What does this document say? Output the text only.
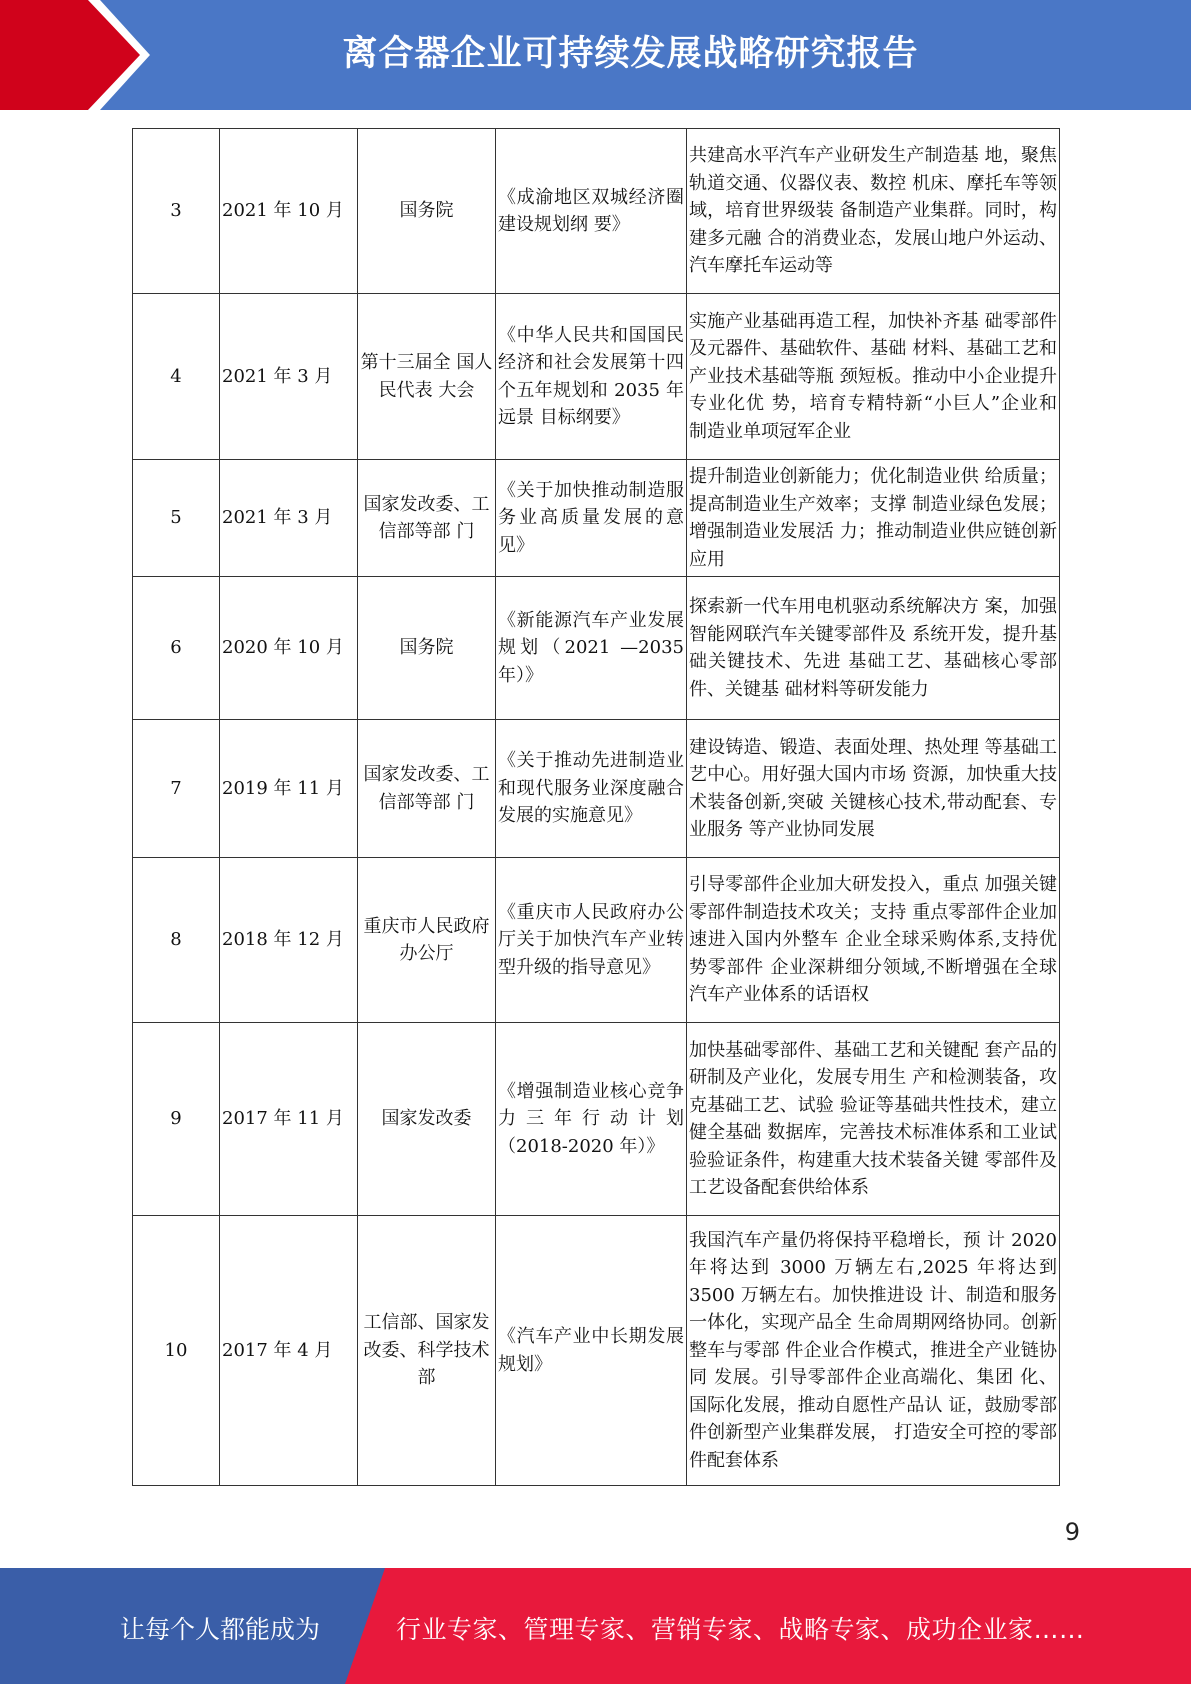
离合器企业可持续发展战略研究报告
3	2021 年 10 月	国务院	《成渝地区双城经济圈建设规划纲 要》	共建高水平汽车产业研发生产制造基 地，聚焦轨道交通、仪器仪表、数控 机床、摩托车等领域，培育世界级装 备制造产业集群。同时，构建多元融 合的消费业态，发展山地户外运动、 汽车摩托车运动等
4	2021 年 3 月	第十三届全 国人民代表 大会	《中华人民共和国国民经济和社会发展第十四个五年规划和 2035 年远景 目标纲要》	实施产业基础再造工程，加快补齐基 础零部件及元器件、基础软件、基础 材料、基础工艺和产业技术基础等瓶 颈短板。推动中小企业提升专业化优 势，培育专精特新“小巨人”企业和 制造业单项冠军企业
5	2021 年 3 月	国家发改委、工信部等部 门	《关于加快推动制造服务业高质量发展的意见》	提升制造业创新能力；优化制造业供 给质量；提高制造业生产效率；支撑 制造业绿色发展；增强制造业发展活 力；推动制造业供应链创新应用
6	2020 年 10 月	国务院	《新能源汽车产业发展规划（2021 —2035 年）》	探索新一代车用电机驱动系统解决方 案，加强智能网联汽车关键零部件及 系统开发，提升基础关键技术、先进 基础工艺、基础核心零部件、关键基 础材料等研发能力
7	2019 年 11 月	国家发改委、工信部等部 门	《关于推动先进制造业和现代服务业深度融合发展的实施意见》	建设铸造、锻造、表面处理、热处理 等基础工艺中心。用好强大国内市场 资源，加快重大技术装备创新,突破 关键核心技术,带动配套、专业服务 等产业协同发展
8	2018 年 12 月	重庆市人民政府办公厅	《重庆市人民政府办公厅关于加快汽车产业转型升级的指导意见》	引导零部件企业加大研发投入，重点 加强关键零部件制造技术攻关；支持 重点零部件企业加速进入国内外整车 企业全球采购体系,支持优势零部件 企业深耕细分领域,不断增强在全球 汽车产业体系的话语权
9	2017 年 11 月	国家发改委	《增强制造业核心竞争力三年行动计划（2018-2020 年）》	加快基础零部件、基础工艺和关键配 套产品的研制及产业化，发展专用生 产和检测装备，攻克基础工艺、试验 验证等基础共性技术，建立健全基础 数据库，完善技术标准体系和工业试 验验证条件，构建重大技术装备关键 零部件及工艺设备配套供给体系
10	2017 年 4 月	工信部、国家发改委、科学技术部	《汽车产业中长期发展规划》	我国汽车产量仍将保持平稳增长，预 计 2020 年将达到 3000 万辆左右,2025 年将达到 3500 万辆左右。加快推进设 计、制造和服务一体化，实现产品全 生命周期网络协同。创新整车与零部 件企业合作模式，推进全产业链协同 发展。引导零部件企业高端化、集团 化、国际化发展，推动自愿性产品认 证，鼓励零部件创新型产业集群发展， 打造安全可控的零部件配套体系
9
让每个人都能成为	行业专家、管理专家、营销专家、战略专家、成功企业家……
